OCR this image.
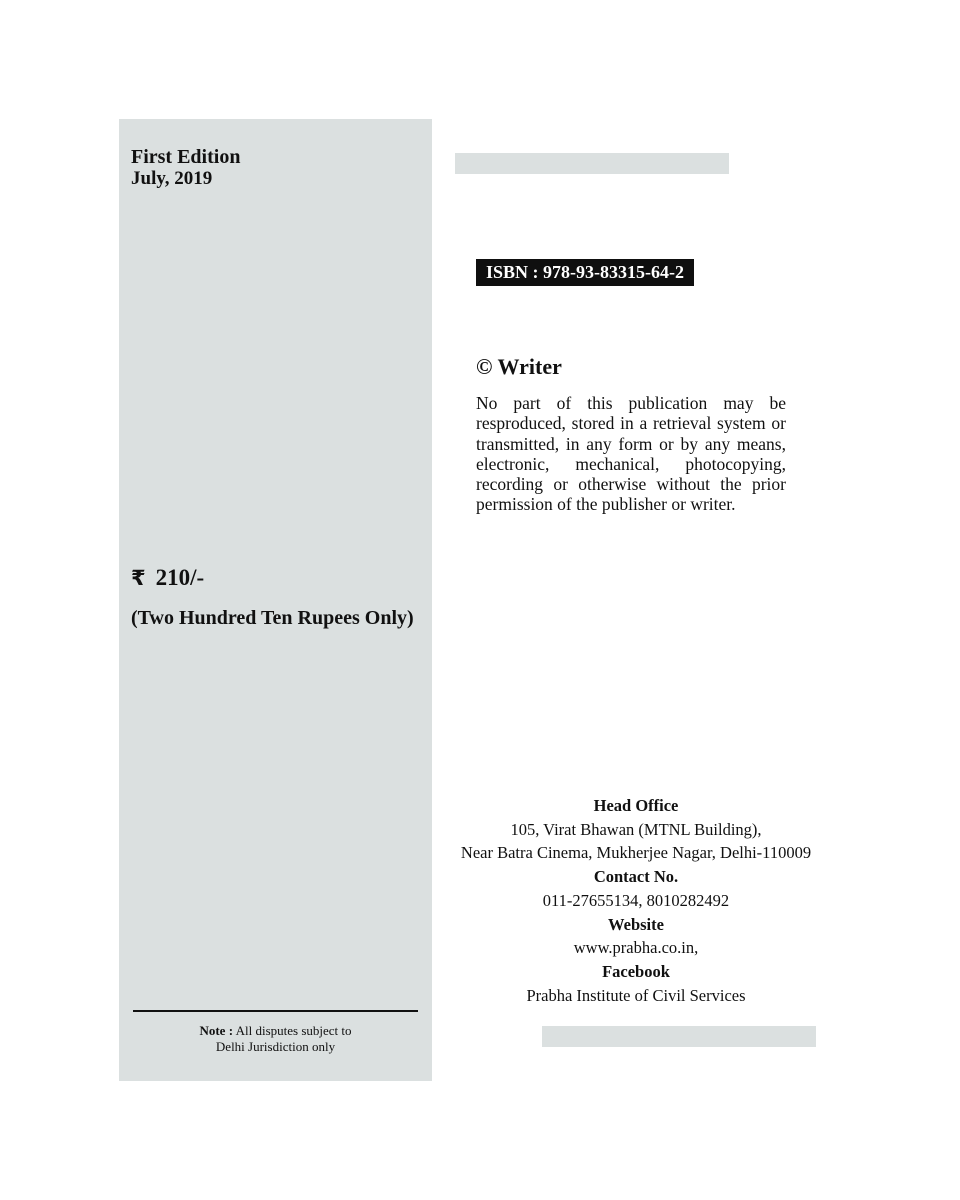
First Edition
July, 2019
₹ 210/-
(Two Hundred Ten Rupees Only)
Note : All disputes subject to
Delhi Jurisdiction only
ISBN : 978-93-83315-64-2
© Writer
No part of this publication may be resproduced, stored in a retrieval system or transmitted, in any form or by any means, electronic, mechanical, photocopying, recording or otherwise without the prior permission of the publisher or writer.
Head Office
105, Virat Bhawan (MTNL Building),
Near Batra Cinema, Mukherjee Nagar, Delhi-110009
Contact No.
011-27655134, 8010282492
Website
www.prabha.co.in,
Facebook
Prabha Institute of Civil Services
